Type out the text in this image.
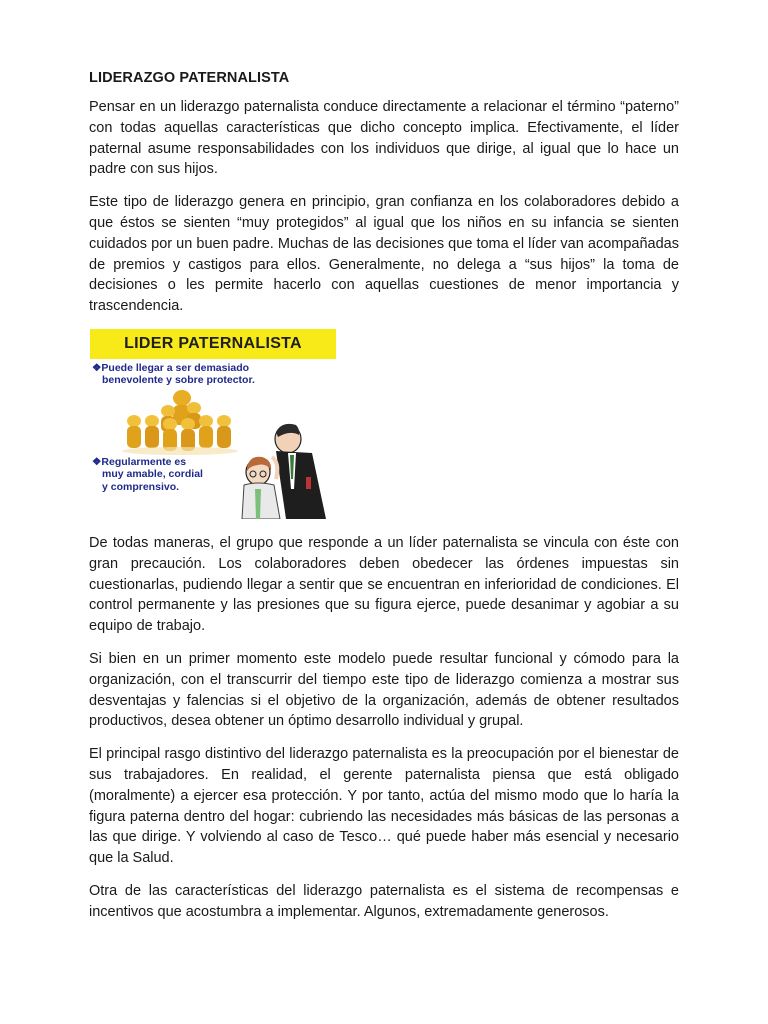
LIDERAZGO PATERNALISTA

Pensar en un liderazgo paternalista conduce directamente a relacionar el término “paterno” con todas aquellas características que dicho concepto implica. Efectivamente, el líder paternal asume responsabilidades con los individuos que dirige, al igual que lo hace un padre con sus hijos.

Este tipo de liderazgo genera en principio, gran confianza en los colaboradores debido a que éstos se sienten “muy protegidos” al igual que los niños en su infancia se sienten cuidados por un buen padre. Muchas de las decisiones que toma el líder van acompañadas de premios y castigos para ellos. Generalmente, no delega a “sus hijos” la toma de decisiones o les permite hacerlo con aquellas cuestiones de menor importancia y trascendencia.

LIDER PATERNALISTA
❖Puede llegar a ser demasiado
benevolente y sobre protector.
❖Regularmente es
muy amable, cordial
y comprensivo.

De todas maneras, el grupo que responde a un líder paternalista se vincula con éste con gran precaución. Los colaboradores deben obedecer las órdenes impuestas sin cuestionarlas, pudiendo llegar a sentir que se encuentran en inferioridad de condiciones. El control permanente y las presiones que su figura ejerce, puede desanimar y agobiar a su equipo de trabajo.

Si bien en un primer momento este modelo puede resultar funcional y cómodo para la organización, con el transcurrir del tiempo este tipo de liderazgo comienza a mostrar sus desventajas y falencias si el objetivo de la organización, además de obtener resultados productivos, desea obtener un óptimo desarrollo individual y grupal.

El principal rasgo distintivo del liderazgo paternalista es la preocupación por el bienestar de sus trabajadores. En realidad, el gerente paternalista piensa que está obligado (moralmente) a ejercer esa protección. Y por tanto, actúa del mismo modo que lo haría la figura paterna dentro del hogar: cubriendo las necesidades más básicas de las personas a las que dirige. Y volviendo al caso de Tesco… qué puede haber más esencial y necesario que la Salud.

Otra de las características del liderazgo paternalista es el sistema de recompensas e incentivos que acostumbra a implementar. Algunos, extremadamente generosos.
